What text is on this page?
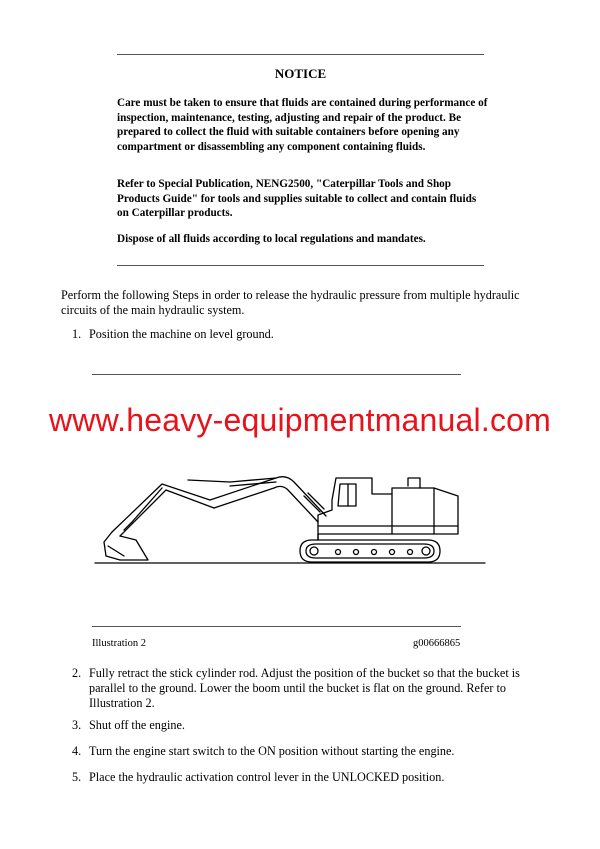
NOTICE

Care must be taken to ensure that fluids are contained during performance of inspection, maintenance, testing, adjusting and repair of the product. Be prepared to collect the fluid with suitable containers before opening any compartment or disassembling any component containing fluids.

Refer to Special Publication, NENG2500, "Caterpillar Tools and Shop Products Guide" for tools and supplies suitable to collect and contain fluids on Caterpillar products.

Dispose of all fluids according to local regulations and mandates.

Perform the following Steps in order to release the hydraulic pressure from multiple hydraulic circuits of the main hydraulic system.

1. Position the machine on level ground.
www.heavy-equipmentmanual.com
Illustration 2	g00666865
2. Fully retract the stick cylinder rod. Adjust the position of the bucket so that the bucket is parallel to the ground. Lower the boom until the bucket is flat on the ground. Refer to Illustration 2.
3. Shut off the engine.
4. Turn the engine start switch to the ON position without starting the engine.
5. Place the hydraulic activation control lever in the UNLOCKED position.
